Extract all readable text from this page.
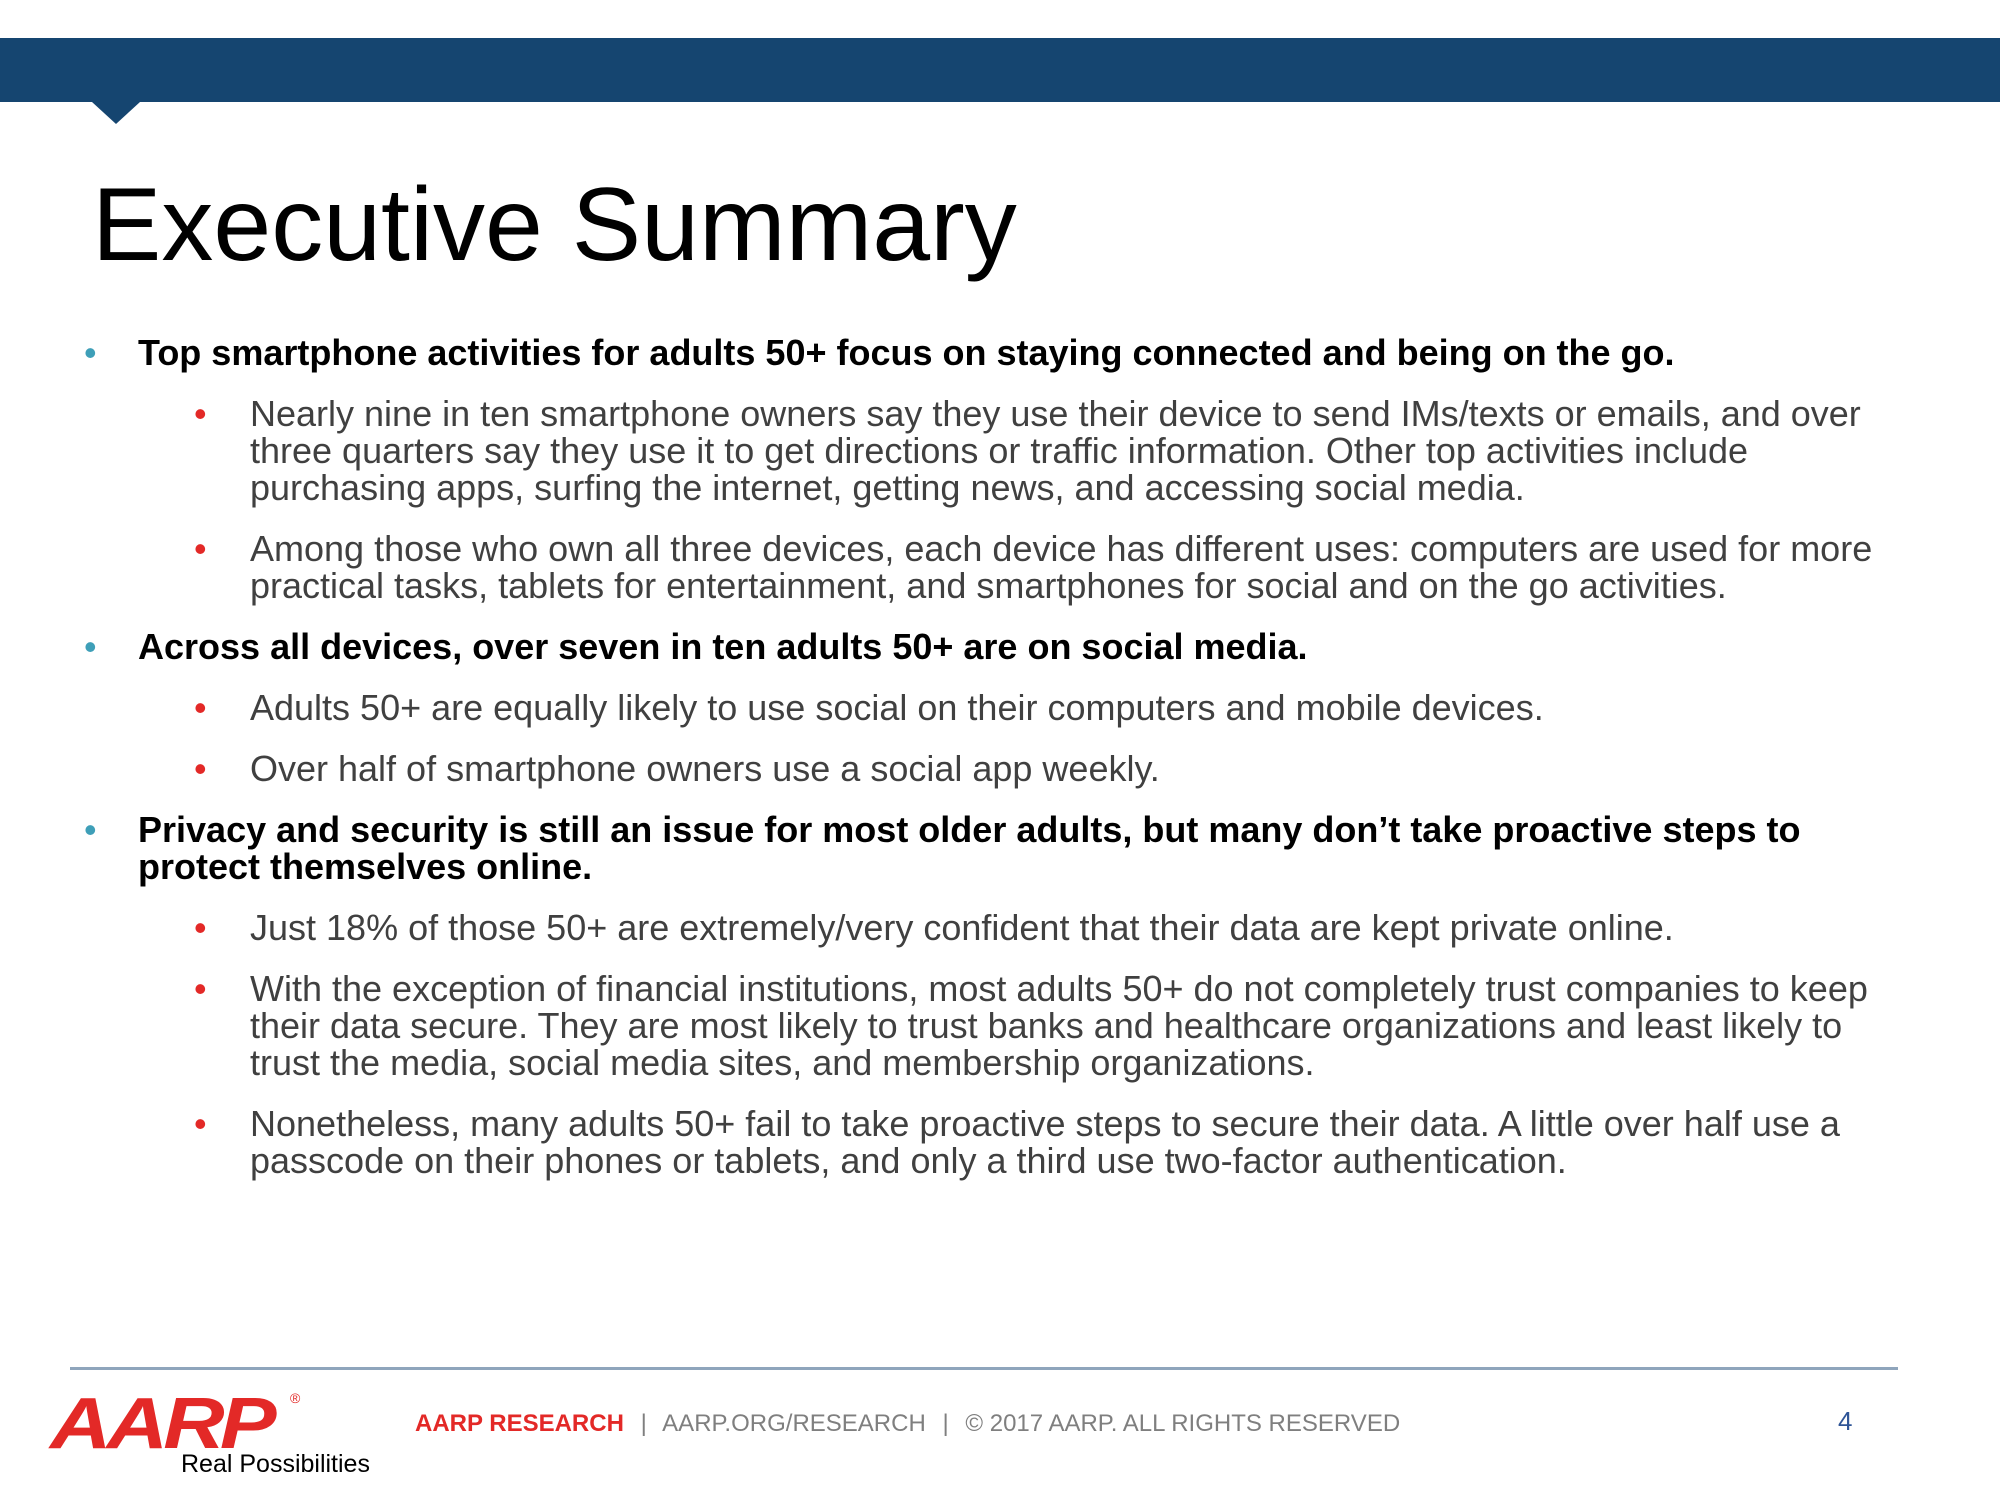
Executive Summary

• Top smartphone activities for adults 50+ focus on staying connected and being on the go.

• Nearly nine in ten smartphone owners say they use their device to send IMs/texts or emails, and over three quarters say they use it to get directions or traffic information. Other top activities include purchasing apps, surfing the internet, getting news, and accessing social media.

• Among those who own all three devices, each device has different uses: computers are used for more practical tasks, tablets for entertainment, and smartphones for social and on the go activities.

• Across all devices, over seven in ten adults 50+ are on social media.

• Adults 50+ are equally likely to use social on their computers and mobile devices.

• Over half of smartphone owners use a social app weekly.

• Privacy and security is still an issue for most older adults, but many don’t take proactive steps to protect themselves online.

• Just 18% of those 50+ are extremely/very confident that their data are kept private online.

• With the exception of financial institutions, most adults 50+ do not completely trust companies to keep their data secure. They are most likely to trust banks and healthcare organizations and least likely to trust the media, social media sites, and membership organizations.

• Nonetheless, many adults 50+ fail to take proactive steps to secure their data. A little over half use a passcode on their phones or tablets, and only a third use two-factor authentication.

AARP ®
Real Possibilities
AARP RESEARCH | AARP.ORG/RESEARCH | © 2017 AARP. ALL RIGHTS RESERVED	4
